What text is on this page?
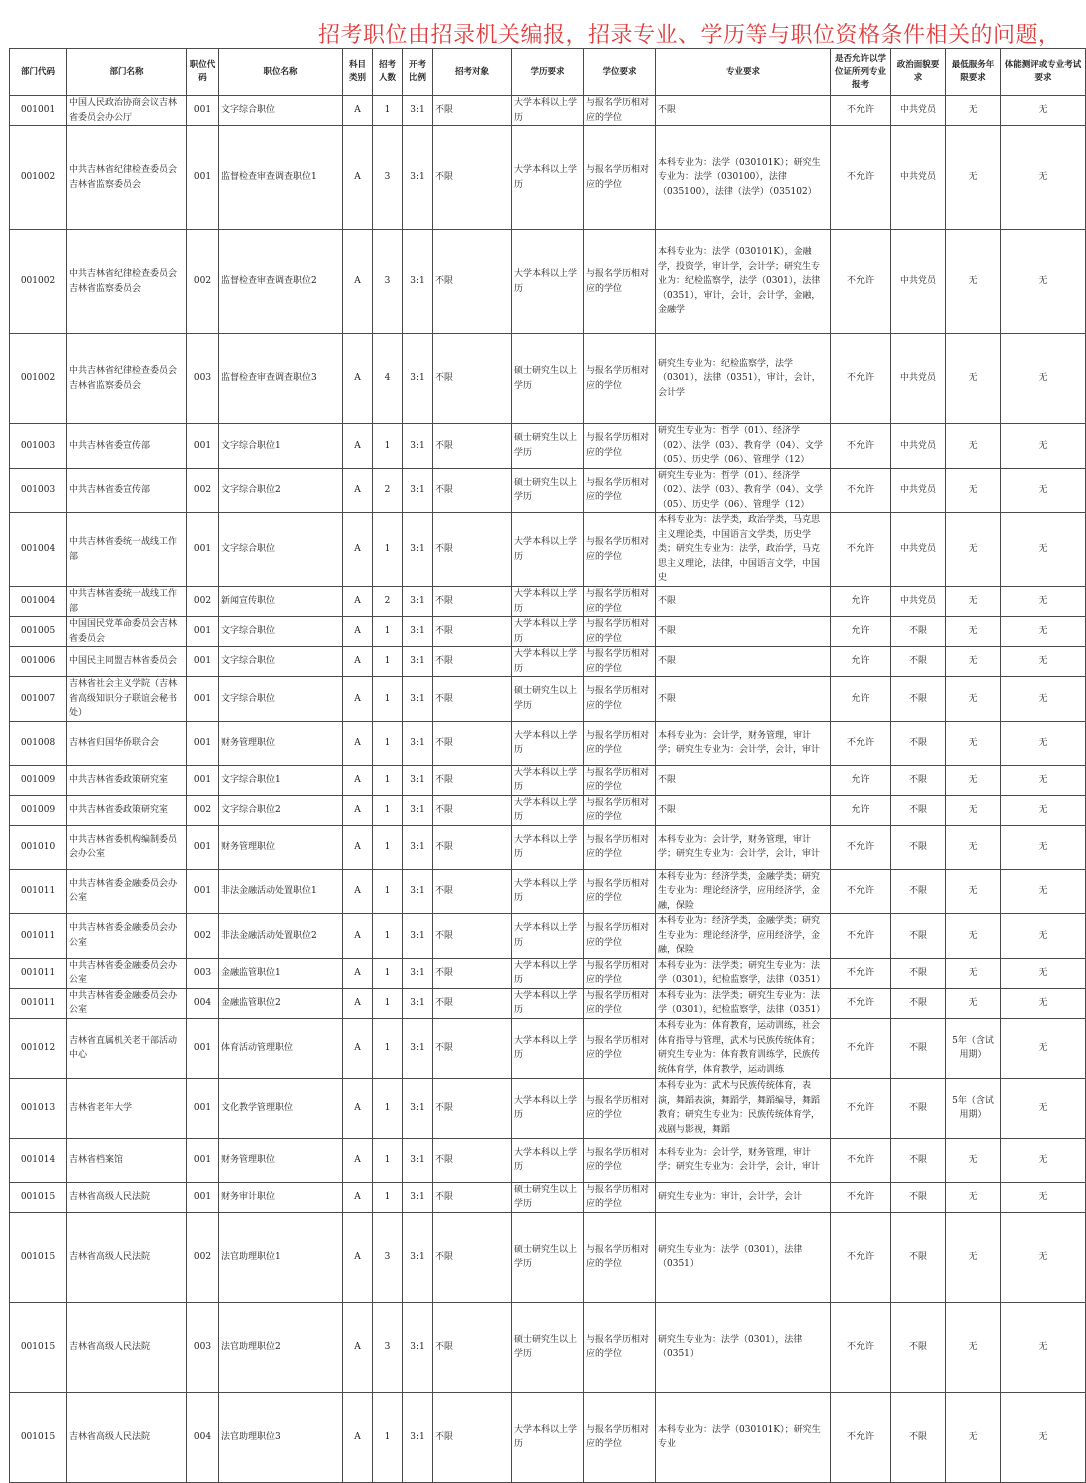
招考职位由招录机关编报，招录专业、学历等与职位资格条件相关的问题，
部门代码	部门名称	职位代码	职位名称	科目类别	招考人数	开考比例	招考对象	学历要求	学位要求	专业要求	是否允许以学位证所列专业报考	政治面貌要求	最低服务年限要求	体能测评或专业考试要求
001001	中国人民政治协商会议吉林省委员会办公厅	001	文字综合职位	A	1	3:1	不限	大学本科以上学历	与报名学历相对应的学位	不限	不允许	中共党员	无	无
001002	中共吉林省纪律检查委员会吉林省监察委员会	001	监督检查审查调查职位1	A	3	3:1	不限	大学本科以上学历	与报名学历相对应的学位	本科专业为：法学（030101K）；研究生专业为：法学（030100），法律（035100），法律（法学）（035102）	不允许	中共党员	无	无
001002	中共吉林省纪律检查委员会吉林省监察委员会	002	监督检查审查调查职位2	A	3	3:1	不限	大学本科以上学历	与报名学历相对应的学位	本科专业为：法学（030101K），金融学，投资学，审计学，会计学；研究生专业为：纪检监察学，法学（0301），法律（0351），审计，会计，会计学，金融，金融学	不允许	中共党员	无	无
001002	中共吉林省纪律检查委员会吉林省监察委员会	003	监督检查审查调查职位3	A	4	3:1	不限	硕士研究生以上学历	与报名学历相对应的学位	研究生专业为：纪检监察学，法学（0301），法律（0351），审计，会计，会计学	不允许	中共党员	无	无
001003	中共吉林省委宣传部	001	文字综合职位1	A	1	3:1	不限	硕士研究生以上学历	与报名学历相对应的学位	研究生专业为：哲学（01）、经济学（02）、法学（03）、教育学（04）、文学（05）、历史学（06）、管理学（12）	不允许	中共党员	无	无
001003	中共吉林省委宣传部	002	文字综合职位2	A	2	3:1	不限	硕士研究生以上学历	与报名学历相对应的学位	研究生专业为：哲学（01）、经济学（02）、法学（03）、教育学（04）、文学（05）、历史学（06）、管理学（12）	不允许	中共党员	无	无
001004	中共吉林省委统一战线工作部	001	文字综合职位	A	1	3:1	不限	大学本科以上学历	与报名学历相对应的学位	本科专业为：法学类，政治学类，马克思主义理论类，中国语言文学类，历史学类；研究生专业为：法学，政治学，马克思主义理论，法律，中国语言文学，中国史	不允许	中共党员	无	无
001004	中共吉林省委统一战线工作部	002	新闻宣传职位	A	2	3:1	不限	大学本科以上学历	与报名学历相对应的学位	不限	允许	中共党员	无	无
001005	中国国民党革命委员会吉林省委员会	001	文字综合职位	A	1	3:1	不限	大学本科以上学历	与报名学历相对应的学位	不限	允许	不限	无	无
001006	中国民主同盟吉林省委员会	001	文字综合职位	A	1	3:1	不限	大学本科以上学历	与报名学历相对应的学位	不限	允许	不限	无	无
001007	吉林省社会主义学院（吉林省高级知识分子联谊会秘书处）	001	文字综合职位	A	1	3:1	不限	硕士研究生以上学历	与报名学历相对应的学位	不限	允许	不限	无	无
001008	吉林省归国华侨联合会	001	财务管理职位	A	1	3:1	不限	大学本科以上学历	与报名学历相对应的学位	本科专业为：会计学，财务管理，审计学；研究生专业为：会计学，会计，审计	不允许	不限	无	无
001009	中共吉林省委政策研究室	001	文字综合职位1	A	1	3:1	不限	大学本科以上学历	与报名学历相对应的学位	不限	允许	不限	无	无
001009	中共吉林省委政策研究室	002	文字综合职位2	A	1	3:1	不限	大学本科以上学历	与报名学历相对应的学位	不限	允许	不限	无	无
001010	中共吉林省委机构编制委员会办公室	001	财务管理职位	A	1	3:1	不限	大学本科以上学历	与报名学历相对应的学位	本科专业为：会计学，财务管理，审计学；研究生专业为：会计学，会计，审计	不允许	不限	无	无
001011	中共吉林省委金融委员会办公室	001	非法金融活动处置职位1	A	1	3:1	不限	大学本科以上学历	与报名学历相对应的学位	本科专业为：经济学类，金融学类；研究生专业为：理论经济学，应用经济学，金融，保险	不允许	不限	无	无
001011	中共吉林省委金融委员会办公室	002	非法金融活动处置职位2	A	1	3:1	不限	大学本科以上学历	与报名学历相对应的学位	本科专业为：经济学类，金融学类；研究生专业为：理论经济学，应用经济学，金融，保险	不允许	不限	无	无
001011	中共吉林省委金融委员会办公室	003	金融监管职位1	A	1	3:1	不限	大学本科以上学历	与报名学历相对应的学位	本科专业为：法学类；研究生专业为：法学（0301），纪检监察学，法律（0351）	不允许	不限	无	无
001011	中共吉林省委金融委员会办公室	004	金融监管职位2	A	1	3:1	不限	大学本科以上学历	与报名学历相对应的学位	本科专业为：法学类；研究生专业为：法学（0301），纪检监察学，法律（0351）	不允许	不限	无	无
001012	吉林省直属机关老干部活动中心	001	体育活动管理职位	A	1	3:1	不限	大学本科以上学历	与报名学历相对应的学位	本科专业为：体育教育，运动训练，社会体育指导与管理，武术与民族传统体育；研究生专业为：体育教育训练学，民族传统体育学，体育教学，运动训练	不允许	不限	5年（含试用期）	无
001013	吉林省老年大学	001	文化教学管理职位	A	1	3:1	不限	大学本科以上学历	与报名学历相对应的学位	本科专业为：武术与民族传统体育，表演，舞蹈表演，舞蹈学，舞蹈编导，舞蹈教育；研究生专业为：民族传统体育学，戏剧与影视，舞蹈	不允许	不限	5年（含试用期）	无
001014	吉林省档案馆	001	财务管理职位	A	1	3:1	不限	大学本科以上学历	与报名学历相对应的学位	本科专业为：会计学，财务管理，审计学；研究生专业为：会计学，会计，审计	不允许	不限	无	无
001015	吉林省高级人民法院	001	财务审计职位	A	1	3:1	不限	硕士研究生以上学历	与报名学历相对应的学位	研究生专业为：审计，会计学，会计	不允许	不限	无	无
001015	吉林省高级人民法院	002	法官助理职位1	A	3	3:1	不限	硕士研究生以上学历	与报名学历相对应的学位	研究生专业为：法学（0301），法律（0351）	不允许	不限	无	无
001015	吉林省高级人民法院	003	法官助理职位2	A	3	3:1	不限	硕士研究生以上学历	与报名学历相对应的学位	研究生专业为：法学（0301），法律（0351）	不允许	不限	无	无
001015	吉林省高级人民法院	004	法官助理职位3	A	1	3:1	不限	大学本科以上学历	与报名学历相对应的学位	本科专业为：法学（030101K）；研究生专业	不允许	不限	无	无
